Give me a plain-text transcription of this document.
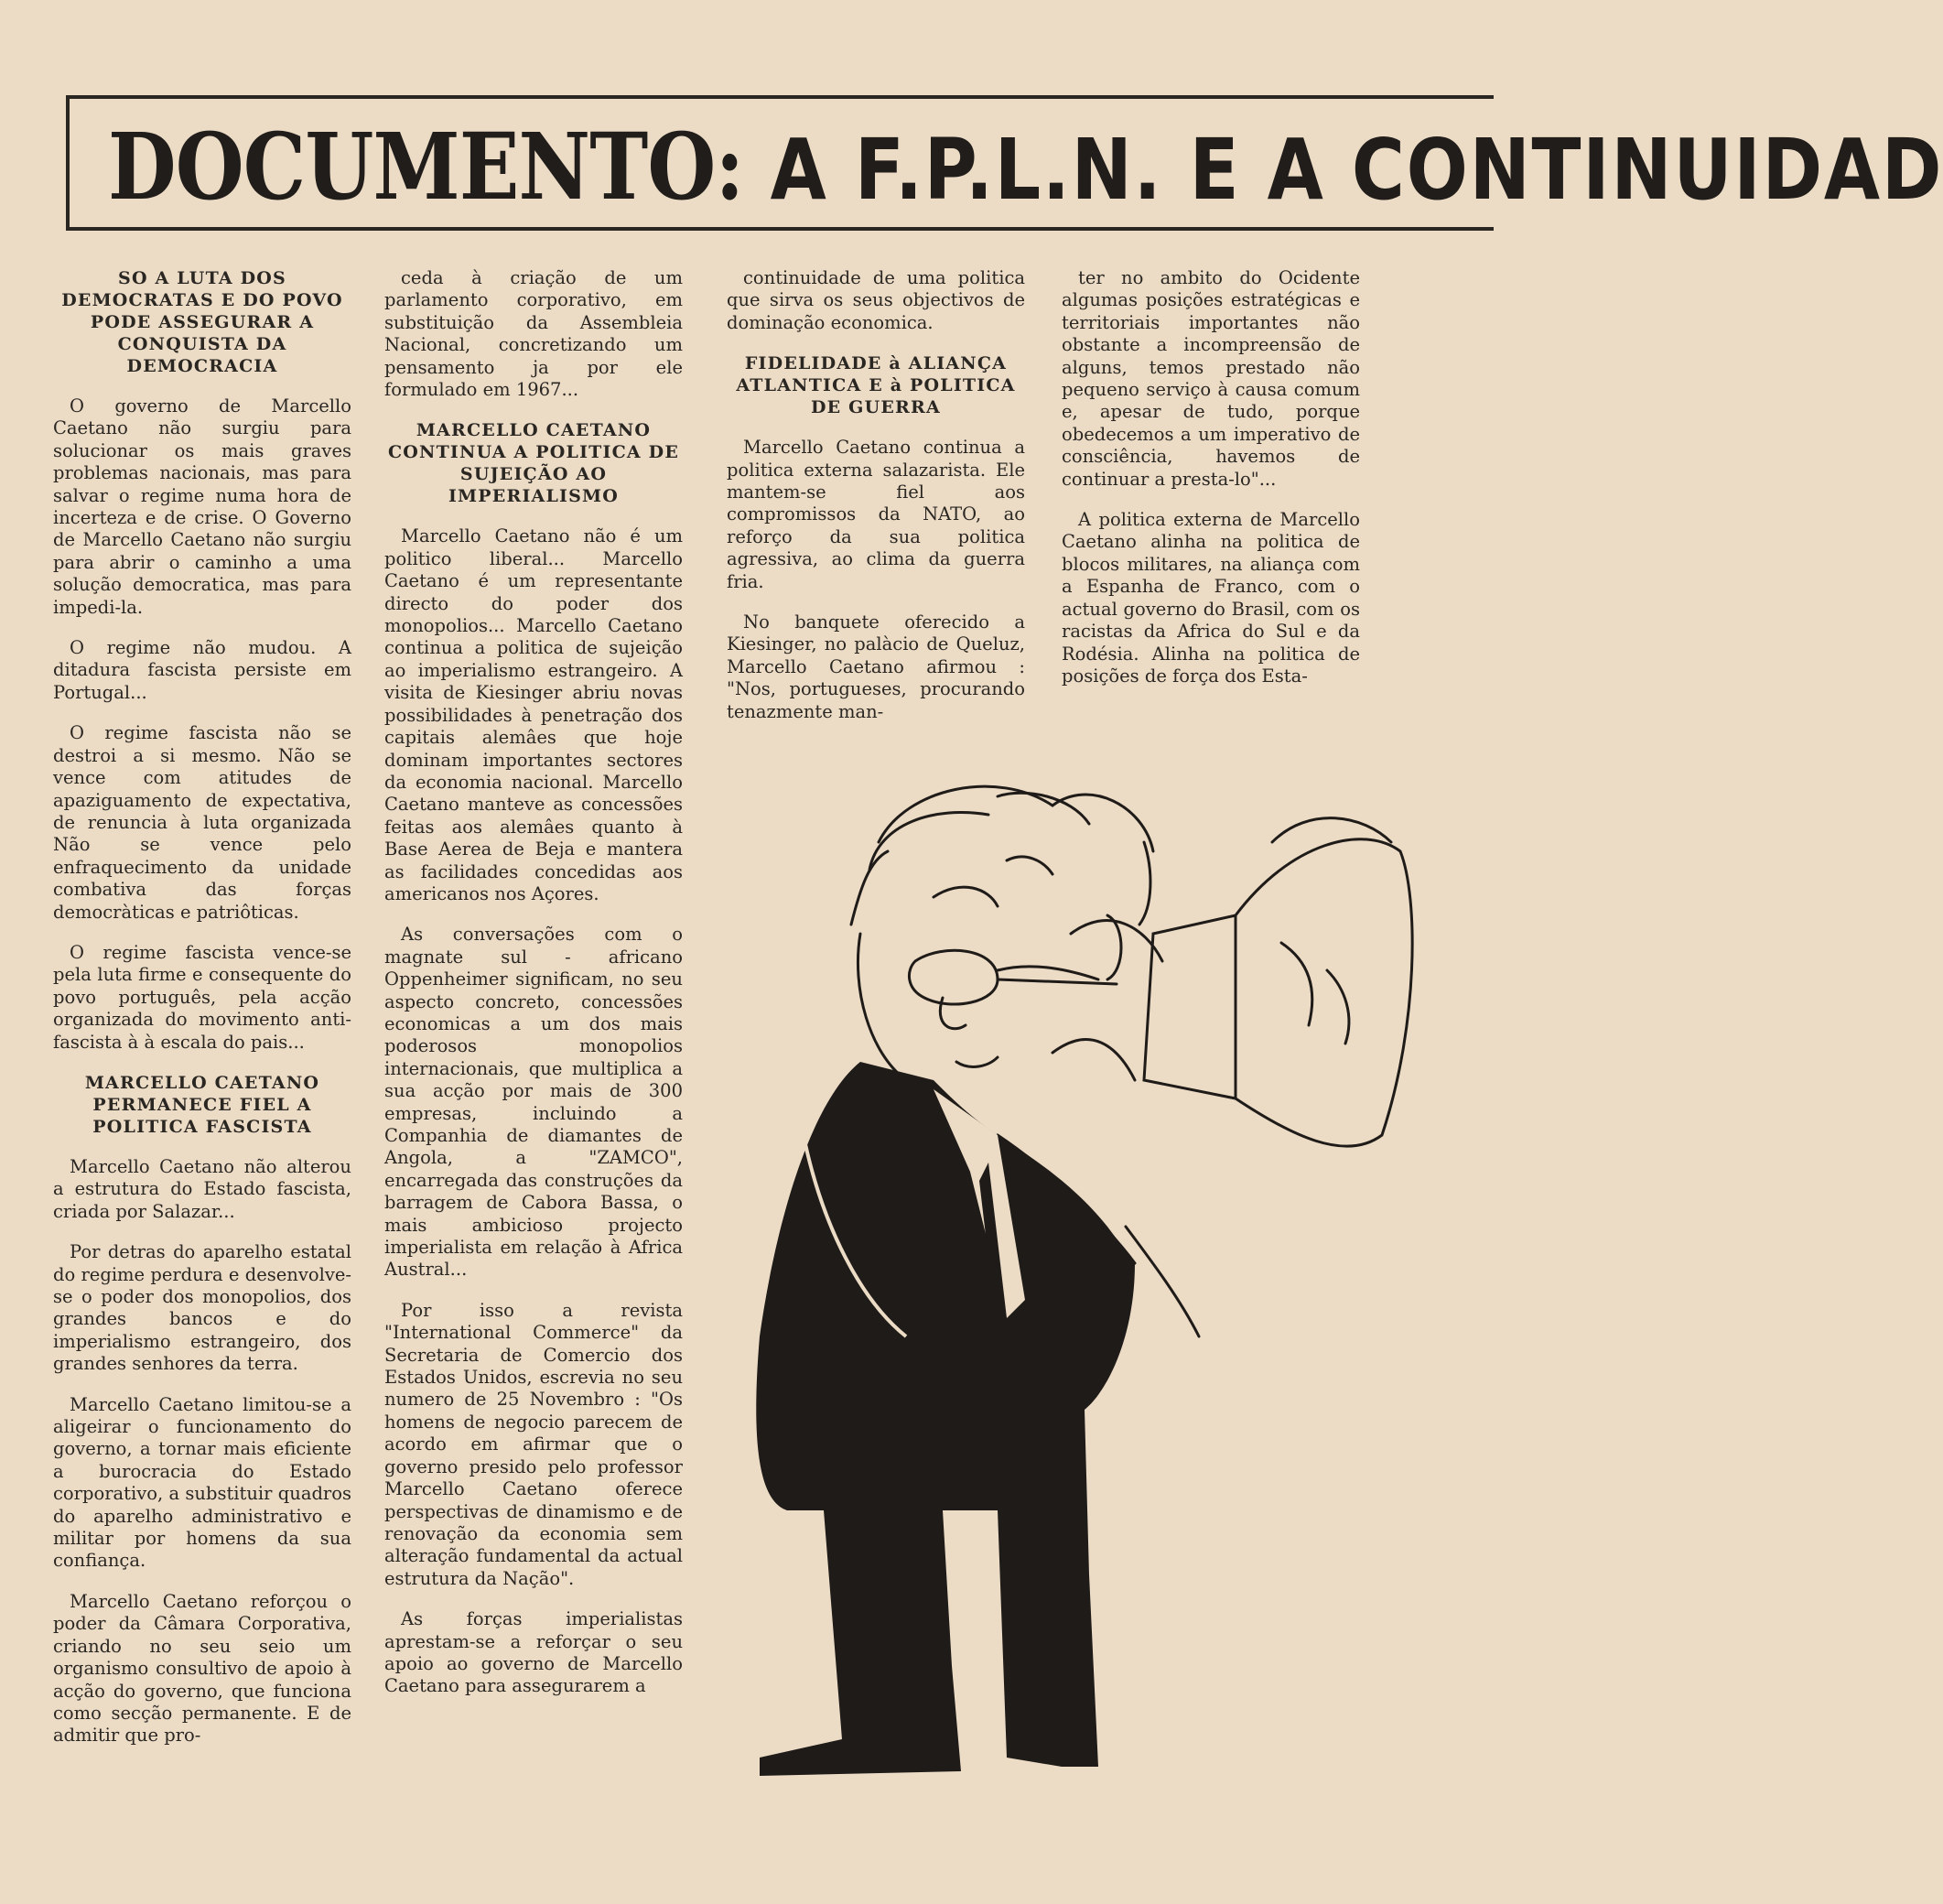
DOCUMENTO: A F.P.L.N. E A CONTINUIDAD
SO A LUTA DOS DEMOCRATAS E DO POVO PODE ASSEGURAR A CONQUISTA DA DEMOCRACIA

O governo de Marcello Caetano não surgiu para solucionar os mais graves problemas nacionais, mas para salvar o regime numa hora de incerteza e de crise. O Governo de Marcello Caetano não surgiu para abrir o caminho a uma solução democratica, mas para impedi-la.

O regime não mudou. A ditadura fascista persiste em Portugal...

O regime fascista não se destroi a si mesmo. Não se vence com atitudes de apaziguamento de expectativa, de renuncia à luta organizada Não se vence pelo enfraquecimento da unidade combativa das forças democràticas e patriôticas.

O regime fascista vence-se pela luta firme e consequente do povo português, pela acção organizada do movimento anti-fascista à à escala do pais...

MARCELLO CAETANO PERMANECE FIEL A POLITICA FASCISTA

Marcello Caetano não alterou a estrutura do Estado fascista, criada por Salazar...

Por detras do aparelho estatal do regime perdura e desenvolve-se o poder dos monopolios, dos grandes bancos e do imperialismo estrangeiro, dos grandes senhores da terra.

Marcello Caetano limitou-se a aligeirar o funcionamento do governo, a tornar mais eficiente a burocracia do Estado corporativo, a substituir quadros do aparelho administrativo e militar por homens da sua confiança.

Marcello Caetano reforçou o poder da Câmara Corporativa, criando no seu seio um organismo consultivo de apoio à acção do governo, que funciona como secção permanente. E de admitir que pro-

ceda à criação de um parlamento corporativo, em substituição da Assembleia Nacional, concretizando um pensamento ja por ele formulado em 1967...

MARCELLO CAETANO CONTINUA A POLITICA DE SUJEIÇÃO AO IMPERIALISMO

Marcello Caetano não é um politico liberal... Marcello Caetano é um representante directo do poder dos monopolios... Marcello Caetano continua a politica de sujeição ao imperialismo estrangeiro. A visita de Kiesinger abriu novas possibilidades à penetração dos capitais alemâes que hoje dominam importantes sectores da economia nacional. Marcello Caetano manteve as concessões feitas aos alemâes quanto à Base Aerea de Beja e mantera as facilidades concedidas aos americanos nos Açores.

As conversações com o magnate sul - africano Oppenheimer significam, no seu aspecto concreto, concessões economicas a um dos mais poderosos monopolios internacionais, que multiplica a sua acção por mais de 300 empresas, incluindo a Companhia de diamantes de Angola, a "ZAMCO", encarregada das construções da barragem de Cabora Bassa, o mais ambicioso projecto imperialista em relação à Africa Austral...

Por isso a revista "International Commerce" da Secretaria de Comercio dos Estados Unidos, escrevia no seu numero de 25 Novembro : "Os homens de negocio parecem de acordo em afirmar que o governo presido pelo professor Marcello Caetano oferece perspectivas de dinamismo e de renovação da economia sem alteração fundamental da actual estrutura da Nação".

As forças imperialistas aprestam-se a reforçar o seu apoio ao governo de Marcello Caetano para assegurarem a

continuidade de uma politica que sirva os seus objectivos de dominação economica.

FIDELIDADE à ALIANÇA ATLANTICA E à POLITICA DE GUERRA

Marcello Caetano continua a politica externa salazarista. Ele mantem-se fiel aos compromissos da NATO, ao reforço da sua politica agressiva, ao clima da guerra fria.

No banquete oferecido a Kiesinger, no palàcio de Queluz, Marcello Caetano afirmou : "Nos, portugueses, procurando tenazmente man-

ter no ambito do Ocidente algumas posições estratégicas e territoriais importantes não obstante a incompreensão de alguns, temos prestado não pequeno serviço à causa comum e, apesar de tudo, porque obedecemos a um imperativo de consciência, havemos de continuar a presta-lo"...

A politica externa de Marcello Caetano alinha na politica de blocos militares, na aliança com a Espanha de Franco, com o actual governo do Brasil, com os racistas da Africa do Sul e da Rodésia. Alinha na politica de posições de força dos Esta-
